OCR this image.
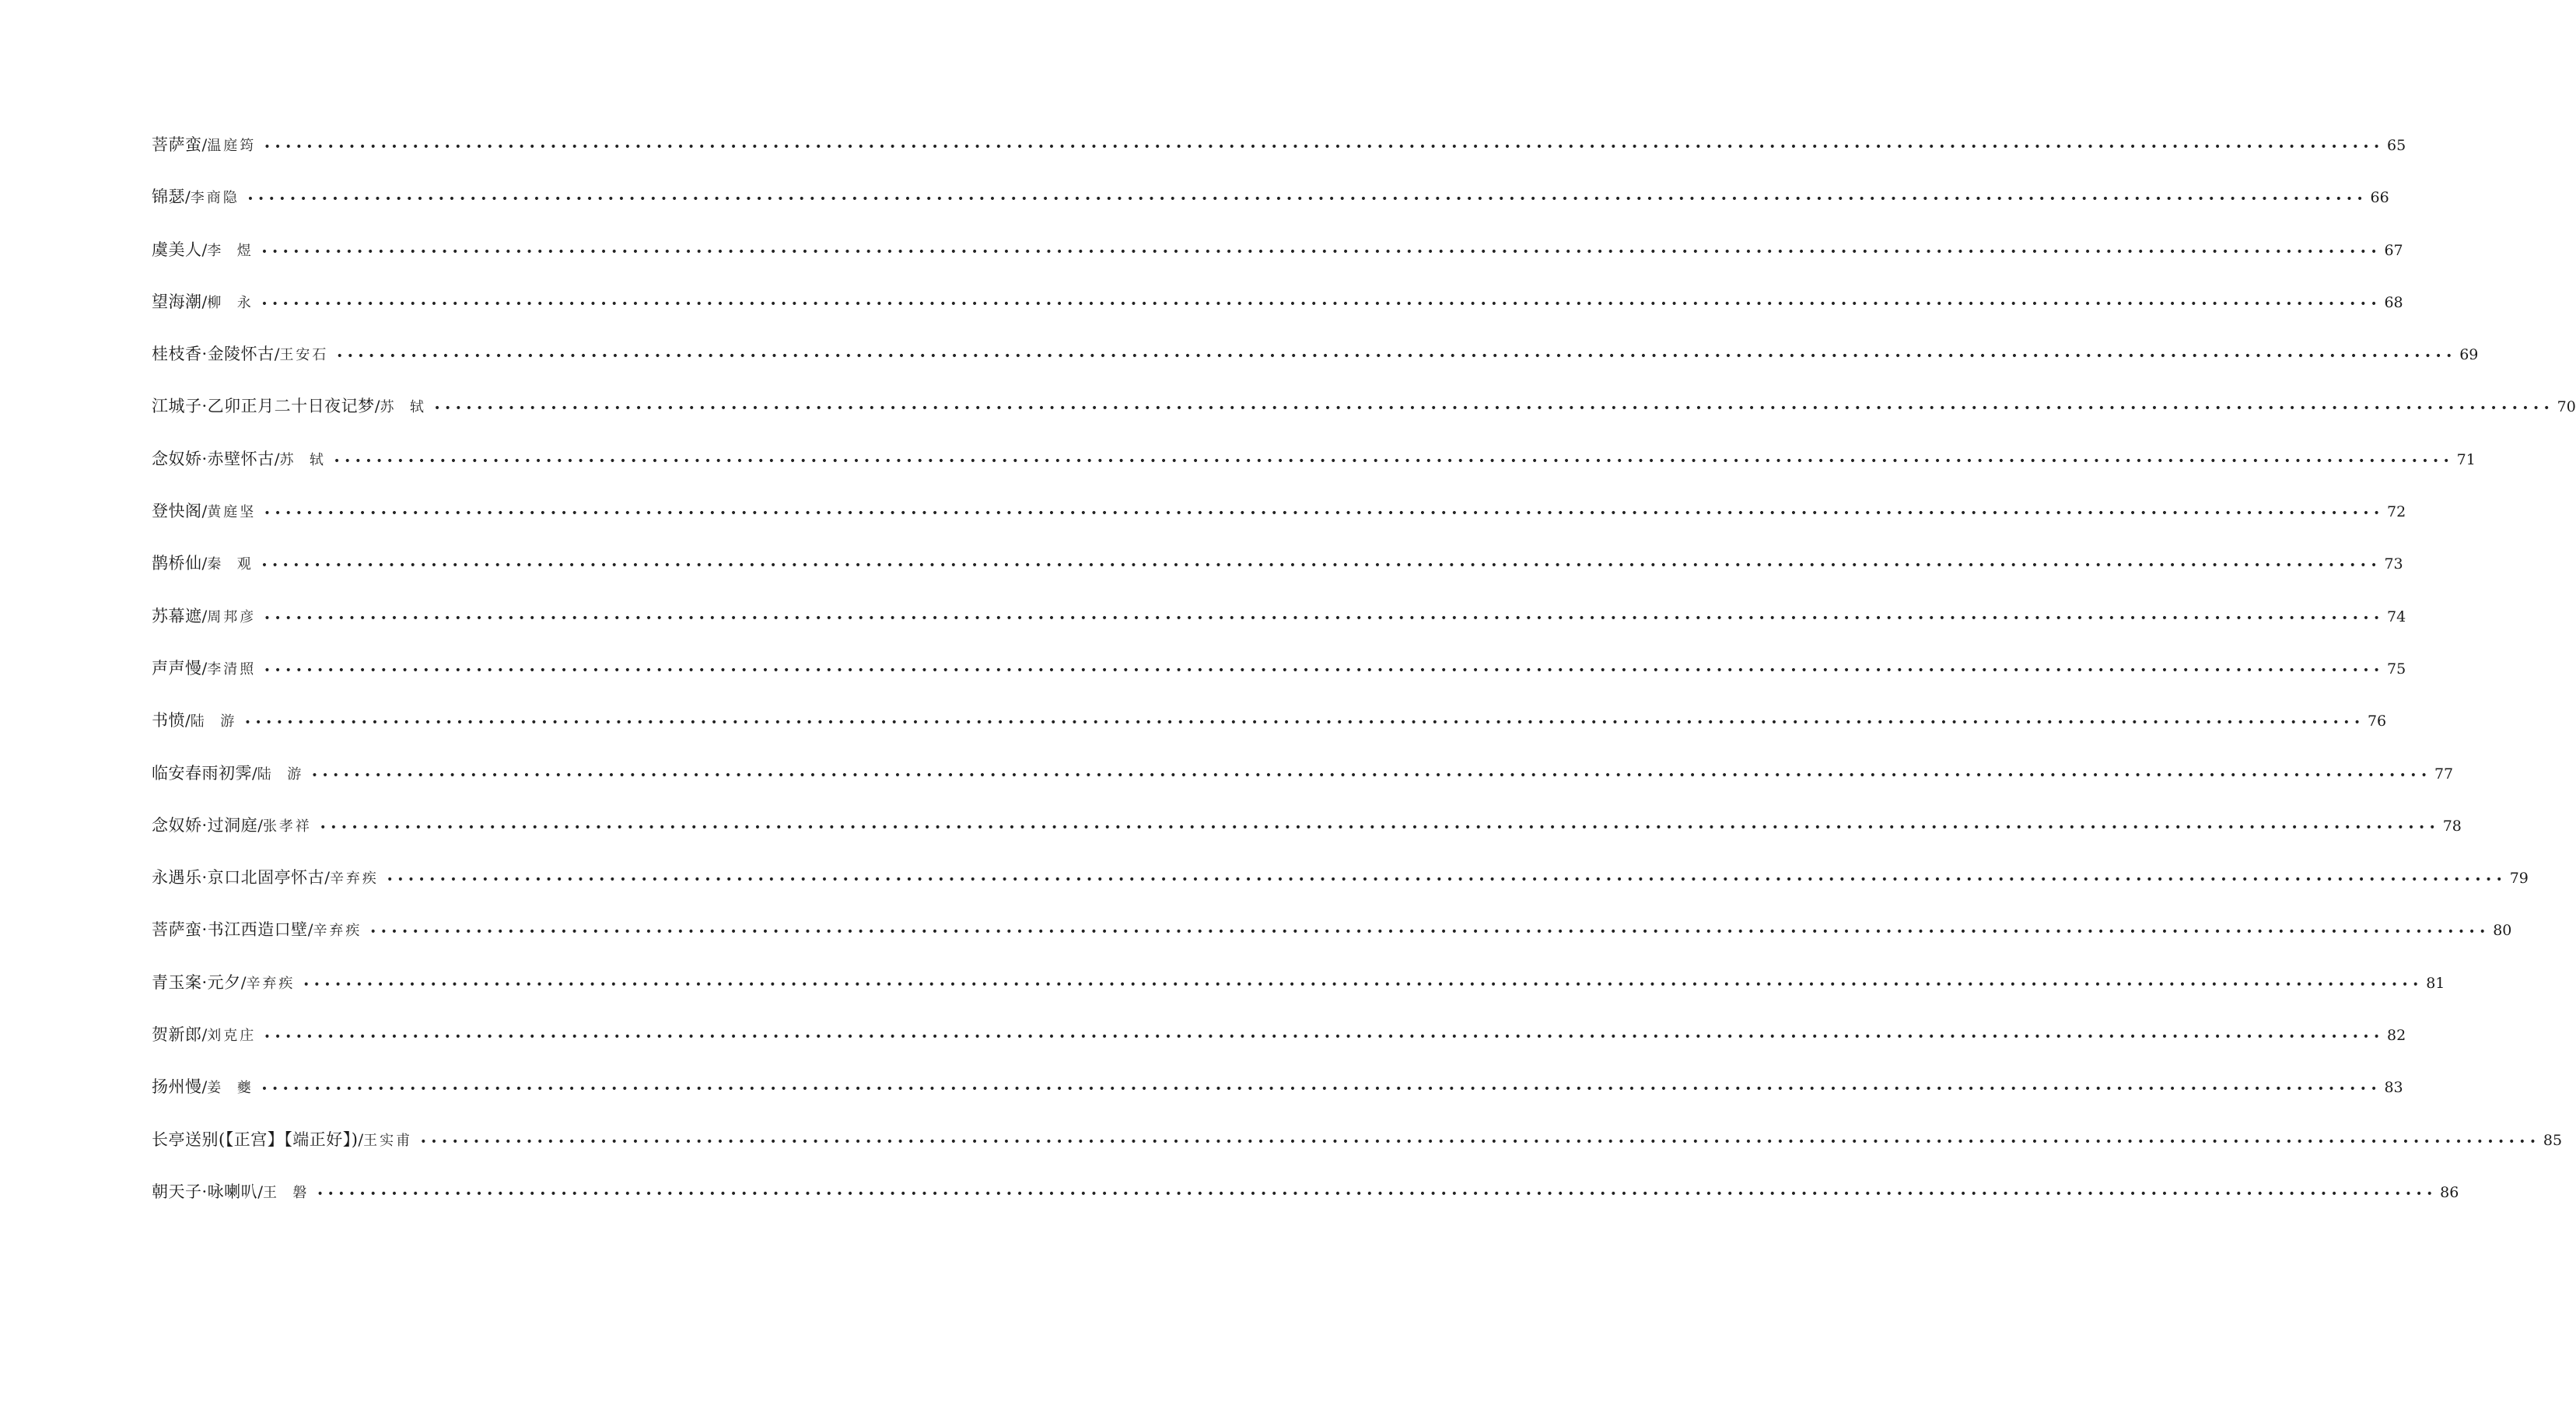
菩萨蛮 / 温庭筠 •••••••••••••••••••••••••••••••••••••••••••••••••••••••••••••••••••••••••••••••••••••••••••••••••••••••••••••••••••••••••••••••••••••••••••••••••••••••••••••••••••••••••••••••••••••••••••••••••••••••• 65
锦瑟 / 李商隐 •••••••••••••••••••••••••••••••••••••••••••••••••••••••••••••••••••••••••••••••••••••••••••••••••••••••••••••••••••••••••••••••••••••••••••••••••••••••••••••••••••••••••••••••••••••••••••••••••••••••• 66
虞美人 / 李  煜 •••••••••••••••••••••••••••••••••••••••••••••••••••••••••••••••••••••••••••••••••••••••••••••••••••••••••••••••••••••••••••••••••••••••••••••••••••••••••••••••••••••••••••••••••••••••••••••••••••••••• 67
望海潮 / 柳  永 •••••••••••••••••••••••••••••••••••••••••••••••••••••••••••••••••••••••••••••••••••••••••••••••••••••••••••••••••••••••••••••••••••••••••••••••••••••••••••••••••••••••••••••••••••••••••••••••••••••••• 68
桂枝香·金陵怀古 / 王安石 •••••••••••••••••••••••••••••••••••••••••••••••••••••••••••••••••••••••••••••••••••••••••••••••••••••••••••••••••••••••••••••••••••••••••••••••••••••••••••••••••••••••••••••••••••••••••••••••••••••••• 69
江城子·乙卯正月二十日夜记梦 / 苏  轼 •••••••••••••••••••••••••••••••••••••••••••••••••••••••••••••••••••••••••••••••••••••••••••••••••••••••••••••••••••••••••••••••••••••••••••••••••••••••••••••••••••••••••••••••••••••••••••••••••••••••• 70
念奴娇·赤壁怀古 / 苏  轼 •••••••••••••••••••••••••••••••••••••••••••••••••••••••••••••••••••••••••••••••••••••••••••••••••••••••••••••••••••••••••••••••••••••••••••••••••••••••••••••••••••••••••••••••••••••••••••••••••••••••• 71
登快阁 / 黄庭坚 •••••••••••••••••••••••••••••••••••••••••••••••••••••••••••••••••••••••••••••••••••••••••••••••••••••••••••••••••••••••••••••••••••••••••••••••••••••••••••••••••••••••••••••••••••••••••••••••••••••••• 72
鹊桥仙 / 秦  观 •••••••••••••••••••••••••••••••••••••••••••••••••••••••••••••••••••••••••••••••••••••••••••••••••••••••••••••••••••••••••••••••••••••••••••••••••••••••••••••••••••••••••••••••••••••••••••••••••••••••• 73
苏幕遮 / 周邦彦 •••••••••••••••••••••••••••••••••••••••••••••••••••••••••••••••••••••••••••••••••••••••••••••••••••••••••••••••••••••••••••••••••••••••••••••••••••••••••••••••••••••••••••••••••••••••••••••••••••••••• 74
声声慢 / 李清照 •••••••••••••••••••••••••••••••••••••••••••••••••••••••••••••••••••••••••••••••••••••••••••••••••••••••••••••••••••••••••••••••••••••••••••••••••••••••••••••••••••••••••••••••••••••••••••••••••••••••• 75
书愤 / 陆  游 •••••••••••••••••••••••••••••••••••••••••••••••••••••••••••••••••••••••••••••••••••••••••••••••••••••••••••••••••••••••••••••••••••••••••••••••••••••••••••••••••••••••••••••••••••••••••••••••••••••••• 76
临安春雨初霁 / 陆  游 •••••••••••••••••••••••••••••••••••••••••••••••••••••••••••••••••••••••••••••••••••••••••••••••••••••••••••••••••••••••••••••••••••••••••••••••••••••••••••••••••••••••••••••••••••••••••••••••••••••••• 77
念奴娇·过洞庭 / 张孝祥 •••••••••••••••••••••••••••••••••••••••••••••••••••••••••••••••••••••••••••••••••••••••••••••••••••••••••••••••••••••••••••••••••••••••••••••••••••••••••••••••••••••••••••••••••••••••••••••••••••••••• 78
永遇乐·京口北固亭怀古 / 辛弃疾 •••••••••••••••••••••••••••••••••••••••••••••••••••••••••••••••••••••••••••••••••••••••••••••••••••••••••••••••••••••••••••••••••••••••••••••••••••••••••••••••••••••••••••••••••••••••••••••••••••••••• 79
菩萨蛮·书江西造口壁 / 辛弃疾 •••••••••••••••••••••••••••••••••••••••••••••••••••••••••••••••••••••••••••••••••••••••••••••••••••••••••••••••••••••••••••••••••••••••••••••••••••••••••••••••••••••••••••••••••••••••••••••••••••••••• 80
青玉案·元夕 / 辛弃疾 •••••••••••••••••••••••••••••••••••••••••••••••••••••••••••••••••••••••••••••••••••••••••••••••••••••••••••••••••••••••••••••••••••••••••••••••••••••••••••••••••••••••••••••••••••••••••••••••••••••••• 81
贺新郎 / 刘克庄 •••••••••••••••••••••••••••••••••••••••••••••••••••••••••••••••••••••••••••••••••••••••••••••••••••••••••••••••••••••••••••••••••••••••••••••••••••••••••••••••••••••••••••••••••••••••••••••••••••••••• 82
扬州慢 / 姜  夔 •••••••••••••••••••••••••••••••••••••••••••••••••••••••••••••••••••••••••••••••••••••••••••••••••••••••••••••••••••••••••••••••••••••••••••••••••••••••••••••••••••••••••••••••••••••••••••••••••••••••• 83
长亭送别(【正宫】【端正好】) / 王实甫 •••••••••••••••••••••••••••••••••••••••••••••••••••••••••••••••••••••••••••••••••••••••••••••••••••••••••••••••••••••••••••••••••••••••••••••••••••••••••••••••••••••••••••••••••••••••••••••••••••••••• 85
朝天子·咏喇叭 / 王  磐 •••••••••••••••••••••••••••••••••••••••••••••••••••••••••••••••••••••••••••••••••••••••••••••••••••••••••••••••••••••••••••••••••••••••••••••••••••••••••••••••••••••••••••••••••••••••••••••••••••••••• 86
